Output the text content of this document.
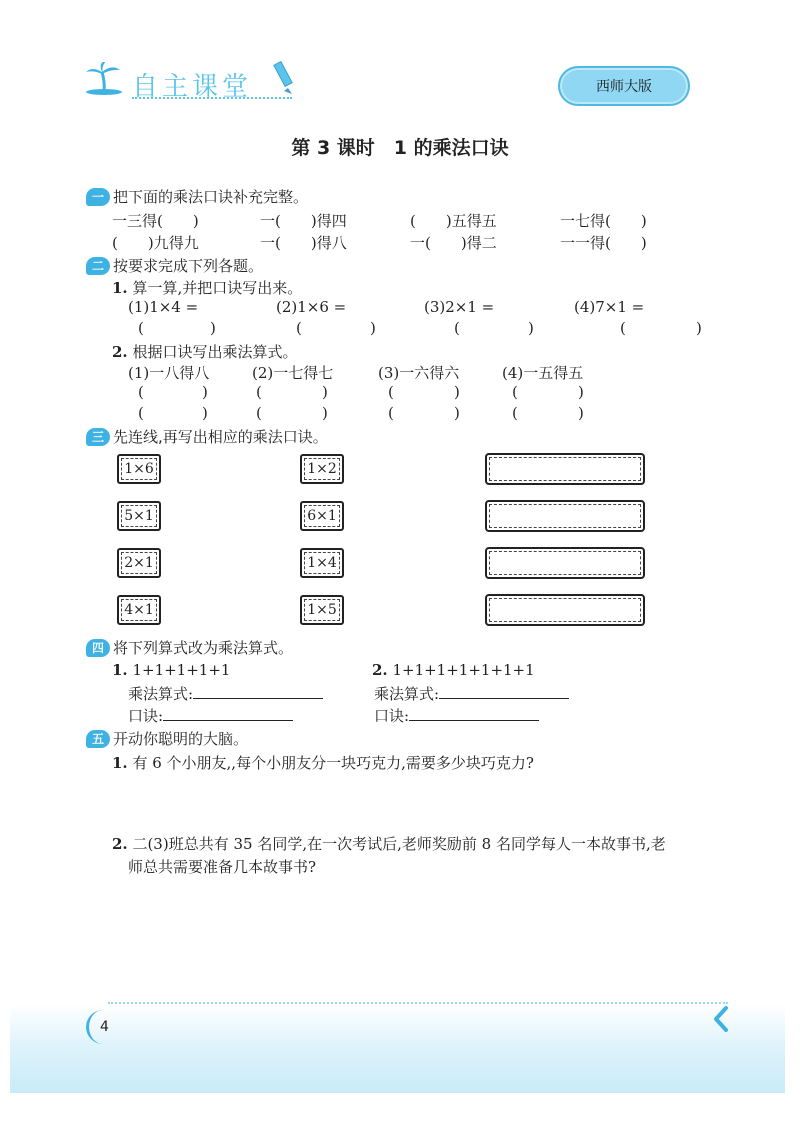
自主课堂	西师大版
第 3 课时　1 的乘法口诀
一 把下面的乘法口诀补充完整。
一三得(　　)	一(　　)得四	(　　)五得五	一七得(　　)
(　　)九得九	一(　　)得八	一(　　)得二	一一得(　　)
二 按要求完成下列各题。
1. 算一算,并把口诀写出来。
(1)1×4 =	(2)1×6 =	(3)2×1 =	(4)7×1 =
(	)	(	)	(	)	(	)
2. 根据口诀写出乘法算式。
(1)一八得八	(2)一七得七	(3)一六得六	(4)一五得五
(	)	(	)	(	)	(	)
(	)	(	)	(	)	(	)
三 先连线,再写出相应的乘法口诀。
1×6
5×1
2×1
4×1
1×2
6×1
1×4
1×5
四 将下列算式改为乘法算式。
1. 1+1+1+1+1
乘法算式:
口诀:
2. 1+1+1+1+1+1+1
乘法算式:
口诀:
五 开动你聪明的大脑。
1. 有 6 个小朋友,,每个小朋友分一块巧克力,需要多少块巧克力?
2. 二(3)班总共有 35 名同学,在一次考试后,老师奖励前 8 名同学每人一本故事书,老
师总共需要准备几本故事书?
4
